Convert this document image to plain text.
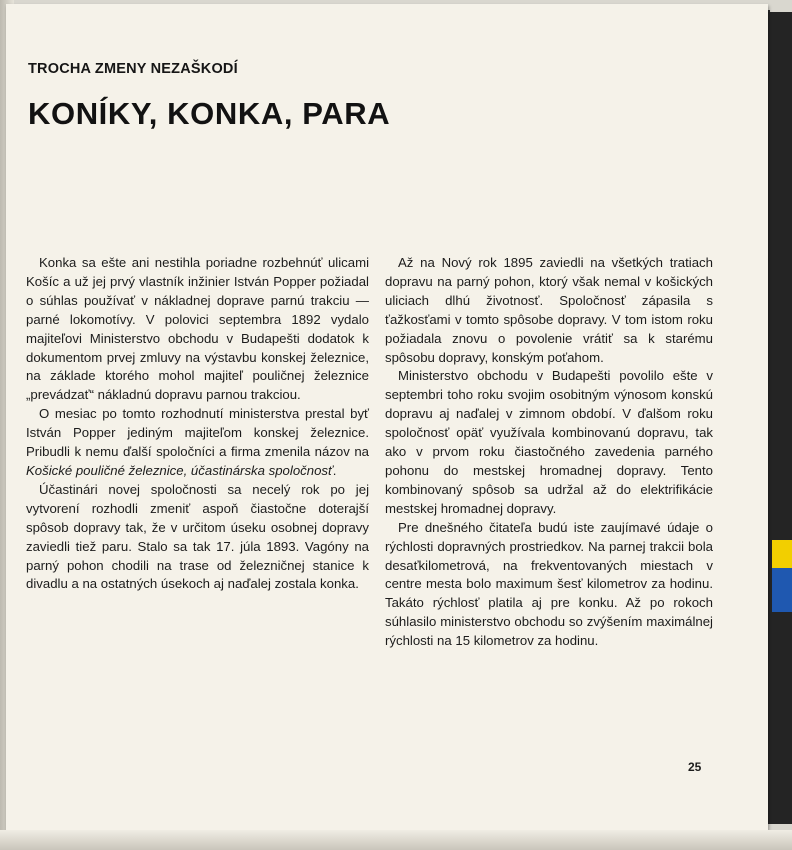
TROCHA ZMENY NEZAŠKODÍ
KONÍKY, KONKA, PARA

Konka sa ešte ani nestihla poriadne rozbehnúť ulicami Košíc a už jej prvý vlastník inžinier István Popper požiadal o súhlas používať v nákladnej doprave parnú trakciu — parné lokomotívy. V polovici septembra 1892 vydalo majiteľovi Ministerstvo obchodu v Budapešti dodatok k dokumentom prvej zmluvy na výstavbu konskej železnice, na základe ktorého mohol majiteľ pouličnej železnice „prevádzať“ nákladnú dopravu parnou trakciou.

O mesiac po tomto rozhodnutí ministerstva prestal byť István Popper jediným majiteľom konskej železnice. Pribudli k nemu ďalší spoločníci a firma zmenila názov na Košické pouličné železnice, účastinárska spoločnosť.

Účastinári novej spoločnosti sa necelý rok po jej vytvorení rozhodli zmeniť aspoň čiastočne doterajší spôsob dopravy tak, že v určitom úseku osobnej dopravy zaviedli tiež paru. Stalo sa tak 17. júla 1893. Vagóny na parný pohon chodili na trase od železničnej stanice k divadlu a na ostatných úsekoch aj naďalej zostala konka.

Až na Nový rok 1895 zaviedli na všetkých tratiach dopravu na parný pohon, ktorý však nemal v košických uliciach dlhú životnosť. Spoločnosť zápasila s ťažkosťami v tomto spôsobe dopravy. V tom istom roku požiadala znovu o povolenie vrátiť sa k starému spôsobu dopravy, konským poťahom.

Ministerstvo obchodu v Budapešti povolilo ešte v septembri toho roku svojim osobitným výnosom konskú dopravu aj naďalej v zimnom období. V ďalšom roku spoločnosť opäť využívala kombinovanú dopravu, tak ako v prvom roku čiastočného zavedenia parného pohonu do mestskej hromadnej dopravy. Tento kombinovaný spôsob sa udržal až do elektrifikácie mestskej hromadnej dopravy.

Pre dnešného čitateľa budú iste zaujímavé údaje o rýchlosti dopravných prostriedkov. Na parnej trakcii bola desaťkilometrová, na frekventovaných miestach v centre mesta bolo maximum šesť kilometrov za hodinu. Takáto rýchlosť platila aj pre konku. Až po rokoch súhlasilo ministerstvo obchodu so zvýšením maximálnej rýchlosti na 15 kilometrov za hodinu.

25
